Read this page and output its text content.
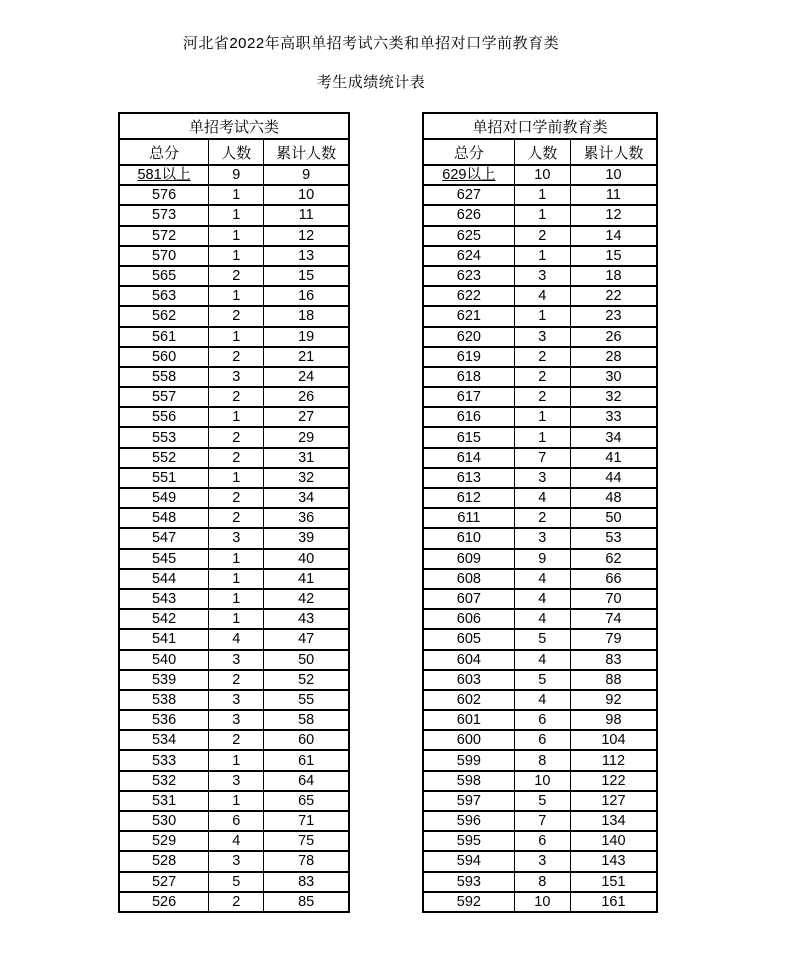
河北省2022年高职单招考试六类和单招对口学前教育类
考生成绩统计表
单招考试六类		
总分	人数	累计人数
581以上	9	9
576	1	10
573	1	11
572	1	12
570	1	13
565	2	15
563	1	16
562	2	18
561	1	19
560	2	21
558	3	24
557	2	26
556	1	27
553	2	29
552	2	31
551	1	32
549	2	34
548	2	36
547	3	39
545	1	40
544	1	41
543	1	42
542	1	43
541	4	47
540	3	50
539	2	52
538	3	55
536	3	58
534	2	60
533	1	61
532	3	64
531	1	65
530	6	71
529	4	75
528	3	78
527	5	83
526	2	85
单招对口学前教育类		
总分	人数	累计人数
629以上	10	10
627	1	11
626	1	12
625	2	14
624	1	15
623	3	18
622	4	22
621	1	23
620	3	26
619	2	28
618	2	30
617	2	32
616	1	33
615	1	34
614	7	41
613	3	44
612	4	48
611	2	50
610	3	53
609	9	62
608	4	66
607	4	70
606	4	74
605	5	79
604	4	83
603	5	88
602	4	92
601	6	98
600	6	104
599	8	112
598	10	122
597	5	127
596	7	134
595	6	140
594	3	143
593	8	151
592	10	161
